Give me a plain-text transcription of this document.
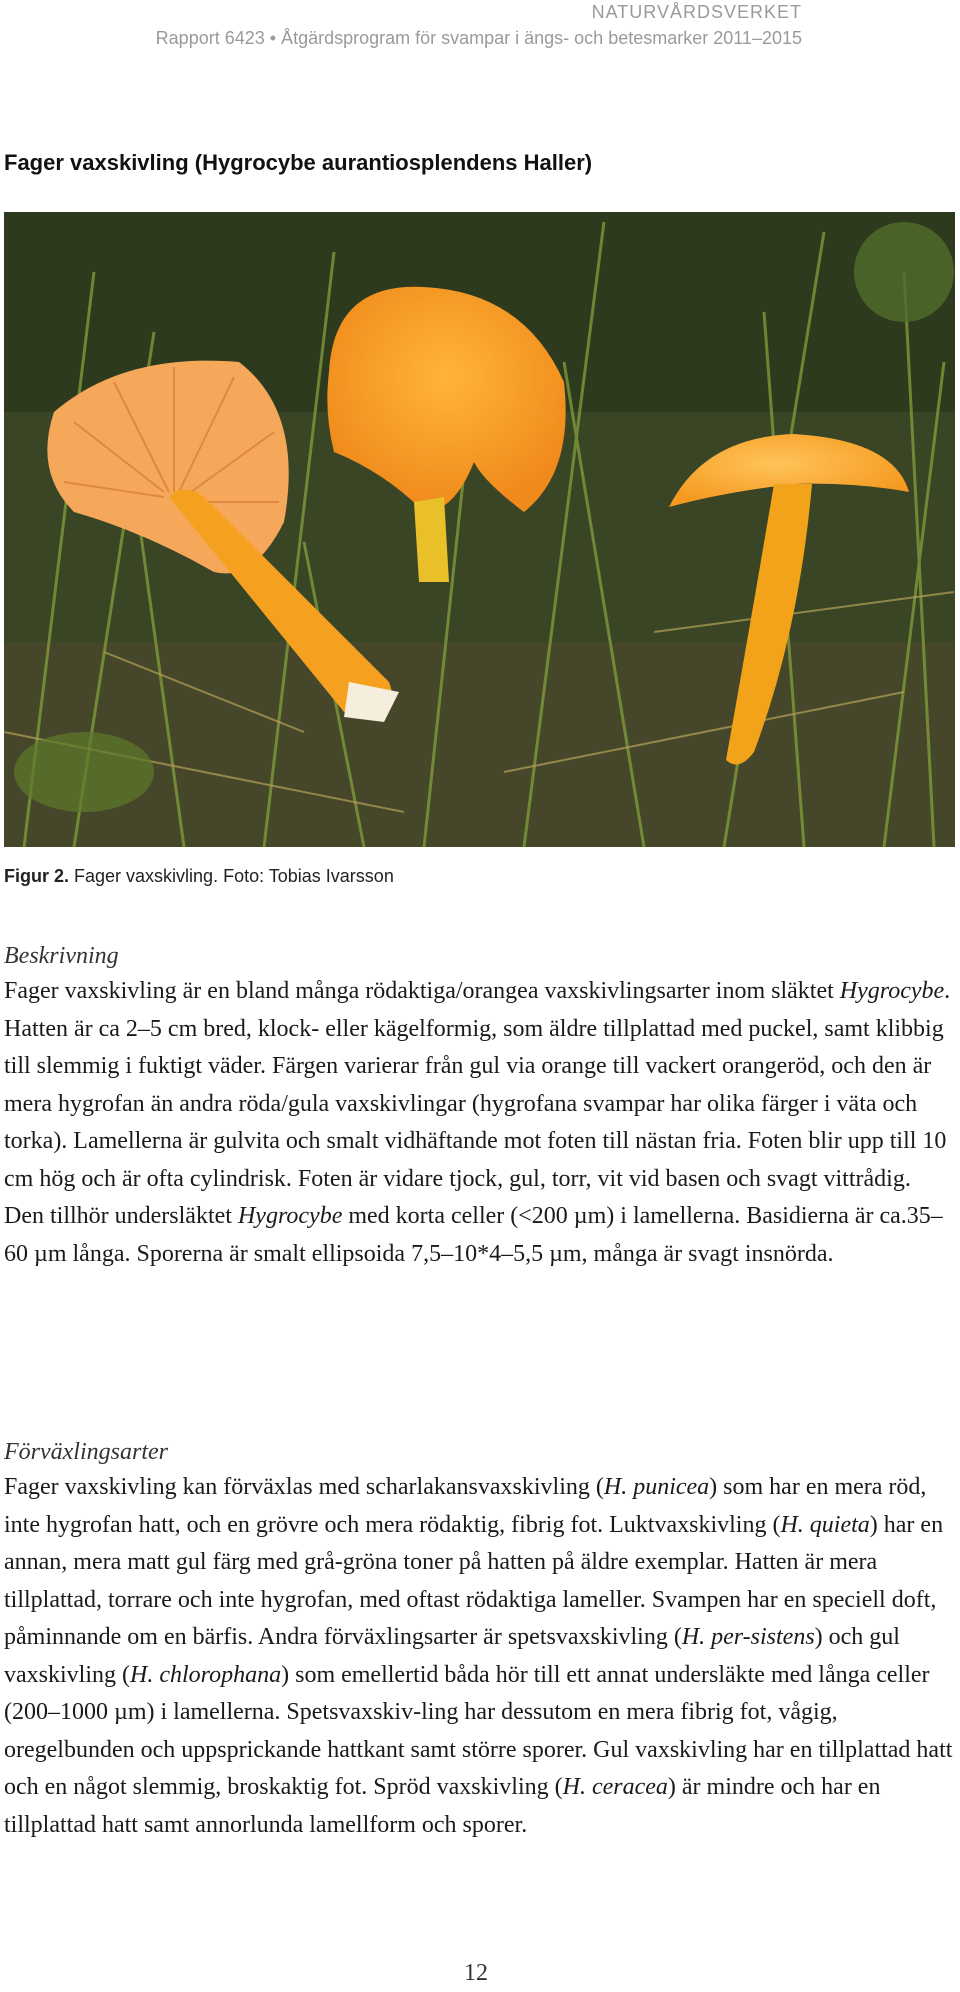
NATURVÅRDSVERKET
Rapport 6423 • Åtgärdsprogram för svampar i ängs- och betesmarker 2011–2015
Fager vaxskivling (Hygrocybe aurantiosplendens Haller)
Figur 2. Fager vaxskivling. Foto: Tobias Ivarsson
Beskrivning

Fager vaxskivling är en bland många rödaktiga/orangea vaxskivlingsarter inom släktet Hygrocybe. Hatten är ca 2–5 cm bred, klock- eller kägelformig, som äldre tillplattad med puckel, samt klibbig till slemmig i fuktigt väder. Färgen varierar från gul via orange till vackert orangeröd, och den är mera hygrofan än andra röda/gula vaxskivlingar (hygrofana svampar har olika färger i väta och torka). Lamellerna är gulvita och smalt vidhäftande mot foten till nästan fria. Foten blir upp till 10 cm hög och är ofta cylindrisk. Foten är vidare tjock, gul, torr, vit vid basen och svagt vittrådig. Den tillhör undersläktet Hygrocybe med korta celler (<200 µm) i lamellerna. Basidierna är ca.35–60 µm långa. Sporerna är smalt ellipsoida 7,5–10*4–5,5 µm, många är svagt insnörda.

Förväxlingsarter

Fager vaxskivling kan förväxlas med scharlakansvaxskivling (H. punicea) som har en mera röd, inte hygrofan hatt, och en grövre och mera rödaktig, fibrig fot. Luktvaxskivling (H. quieta) har en annan, mera matt gul färg med grå-gröna toner på hatten på äldre exemplar. Hatten är mera tillplattad, torrare och inte hygrofan, med oftast rödaktiga lameller. Svampen har en speciell doft, påminnande om en bärfis. Andra förväxlingsarter är spetsvaxskivling (H. per-sistens) och gul vaxskivling (H. chlorophana) som emellertid båda hör till ett annat undersläkte med långa celler (200–1000 µm) i lamellerna. Spetsvaxskiv-ling har dessutom en mera fibrig fot, vågig, oregelbunden och uppsprickande hattkant samt större sporer. Gul vaxskivling har en tillplattad hatt och en något slemmig, broskaktig fot. Spröd vaxskivling (H. ceracea) är mindre och har en tillplattad hatt samt annorlunda lamellform och sporer.

12
